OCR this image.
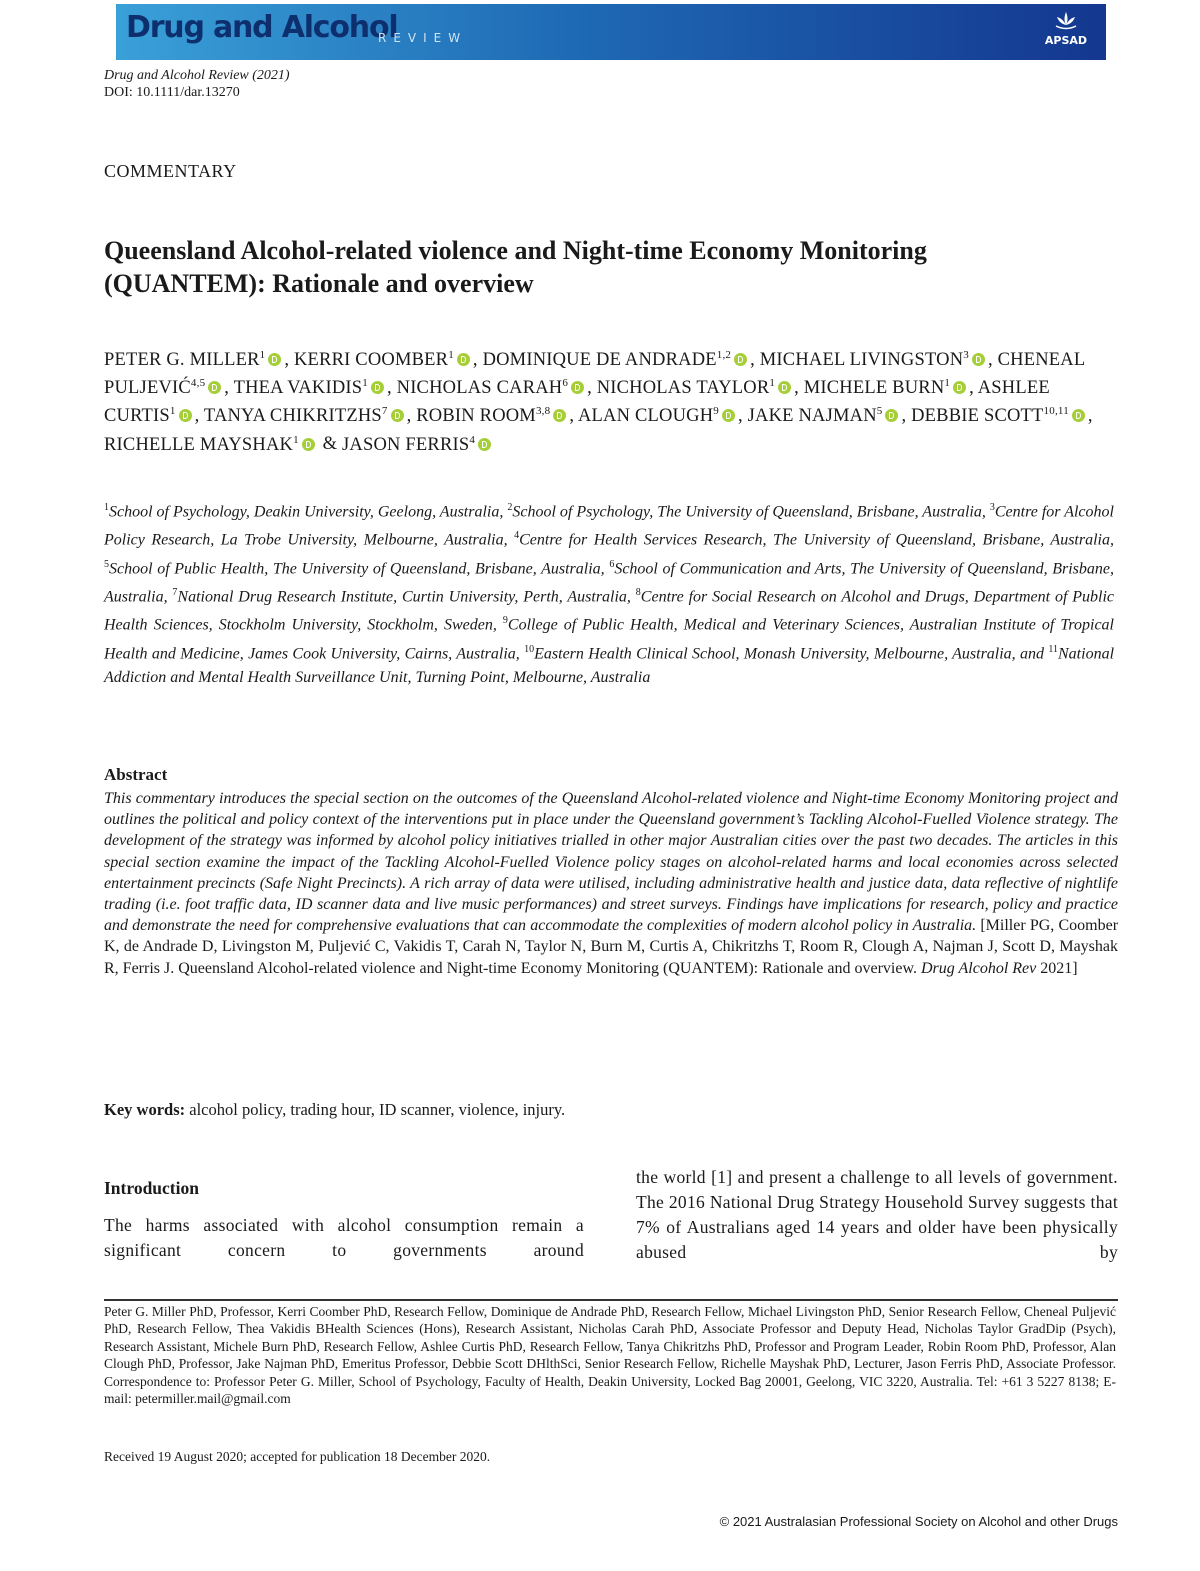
Drug and Alcohol
REVIEW	APSAD
Drug and Alcohol Review (2021)
DOI: 10.1111/dar.13270
COMMENTARY
Queensland Alcohol-related violence and Night-time Economy Monitoring (QUANTEM): Rationale and overview
PETER G. MILLER$^1$ , KERRI COOMBER$^1$ , DOMINIQUE DE ANDRADE$^{1,2}$ , MICHAEL LIVINGSTON$^3$ , CHENEAL PULJEVIĆ$^{4,5}$ , THEA VAKIDIS$^1$ , NICHOLAS CARAH$^6$ , NICHOLAS TAYLOR$^1$ , MICHELE BURN$^1$ , ASHLEE CURTIS$^1$ , TANYA CHIKRITZHS$^7$ , ROBIN ROOM$^{3,8}$ , ALAN CLOUGH$^9$ , JAKE NAJMAN$^5$ , DEBBIE SCOTT$^{10,11}$ , RICHELLE MAYSHAK$^1$ & JASON FERRIS$^4$
$^1$School of Psychology, Deakin University, Geelong, Australia, $^2$School of Psychology, The University of Queensland, Brisbane, Australia, $^3$Centre for Alcohol Policy Research, La Trobe University, Melbourne, Australia, $^4$Centre for Health Services Research, The University of Queensland, Brisbane, Australia, $^5$School of Public Health, The University of Queensland, Brisbane, Australia, $^6$School of Communication and Arts, The University of Queensland, Brisbane, Australia, $^7$National Drug Research Institute, Curtin University, Perth, Australia, $^8$Centre for Social Research on Alcohol and Drugs, Department of Public Health Sciences, Stockholm University, Stockholm, Sweden, $^9$College of Public Health, Medical and Veterinary Sciences, Australian Institute of Tropical Health and Medicine, James Cook University, Cairns, Australia, $^{10}$Eastern Health Clinical School, Monash University, Melbourne, Australia, and $^{11}$National Addiction and Mental Health Surveillance Unit, Turning Point, Melbourne, Australia
Abstract
This commentary introduces the special section on the outcomes of the Queensland Alcohol-related violence and Night-time Economy Monitoring project and outlines the political and policy context of the interventions put in place under the Queensland government’s Tackling Alcohol-Fuelled Violence strategy. The development of the strategy was informed by alcohol policy initiatives trialled in other major Australian cities over the past two decades. The articles in this special section examine the impact of the Tackling Alcohol-Fuelled Violence policy stages on alcohol-related harms and local economies across selected entertainment precincts (Safe Night Precincts). A rich array of data were utilised, including administrative health and justice data, data reflective of nightlife trading (i.e. foot traffic data, ID scanner data and live music performances) and street surveys. Findings have implications for research, policy and practice and demonstrate the need for comprehensive evaluations that can accommodate the complexities of modern alcohol policy in Australia. [Miller PG, Coomber K, de Andrade D, Livingston M, Puljević C, Vakidis T, Carah N, Taylor N, Burn M, Curtis A, Chikritzhs T, Room R, Clough A, Najman J, Scott D, Mayshak R, Ferris J. Queensland Alcohol-related violence and Night-time Economy Monitoring (QUANTEM): Rationale and overview. Drug Alcohol Rev 2021]
Key words: alcohol policy, trading hour, ID scanner, violence, injury.
Introduction

The harms associated with alcohol consumption remain a significant concern to governments around

the world [1] and present a challenge to all levels of government. The 2016 National Drug Strategy Household Survey suggests that 7% of Australians aged 14 years and older have been physically abused by

Peter G. Miller PhD, Professor, Kerri Coomber PhD, Research Fellow, Dominique de Andrade PhD, Research Fellow, Michael Livingston PhD, Senior Research Fellow, Cheneal Puljević PhD, Research Fellow, Thea Vakidis BHealth Sciences (Hons), Research Assistant, Nicholas Carah PhD, Associate Professor and Deputy Head, Nicholas Taylor GradDip (Psych), Research Assistant, Michele Burn PhD, Research Fellow, Ashlee Curtis PhD, Research Fellow, Tanya Chikritzhs PhD, Professor and Program Leader, Robin Room PhD, Professor, Alan Clough PhD, Professor, Jake Najman PhD, Emeritus Professor, Debbie Scott DHlthSci, Senior Research Fellow, Richelle Mayshak PhD, Lecturer, Jason Ferris PhD, Associate Professor. Correspondence to: Professor Peter G. Miller, School of Psychology, Faculty of Health, Deakin University, Locked Bag 20001, Geelong, VIC 3220, Australia. Tel: +61 3 5227 8138; E-mail: petermiller.mail@gmail.com
Received 19 August 2020; accepted for publication 18 December 2020.
© 2021 Australasian Professional Society on Alcohol and other Drugs
